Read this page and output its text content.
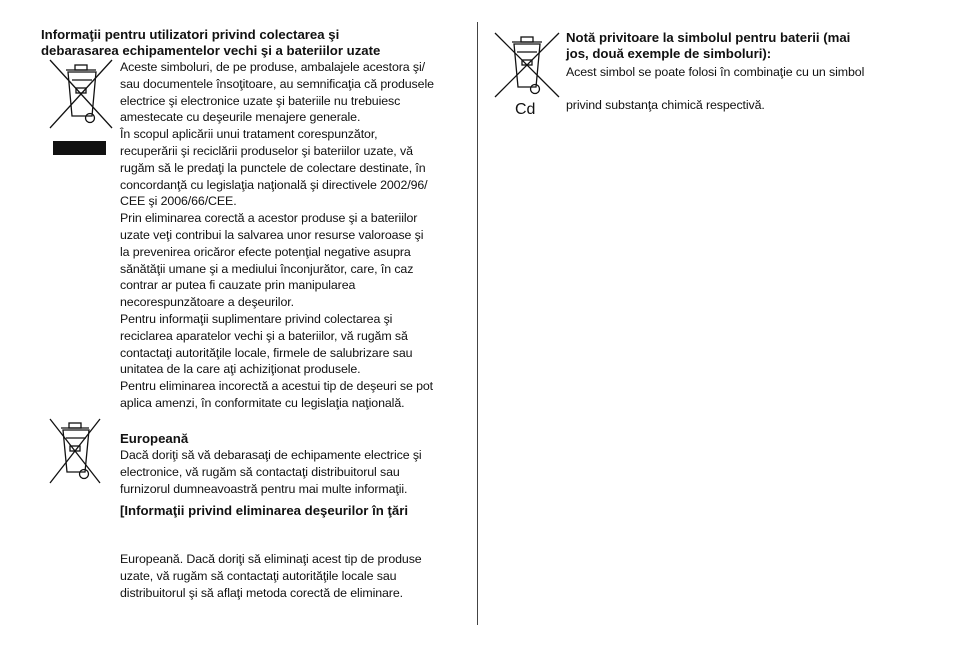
Informaţii pentru utilizatori privind colectarea şi

debarasarea echipamentelor vechi şi a bateriilor uzate

Aceste simboluri, de pe produse, ambalajele acestora şi/

sau documentele însoţitoare, au semnificaţia că produsele

electrice şi electronice uzate şi bateriile nu trebuiesc

amestecate cu deşeurile menajere generale.

În scopul aplicării unui tratament corespunzător,

recuperării şi reciclării produselor şi bateriilor uzate, vă

rugăm să le predaţi la punctele de colectare destinate, în

concordanţă cu legislaţia naţională şi directivele 2002/96/

CEE şi 2006/66/CEE.

Prin eliminarea corectă a acestor produse şi a bateriilor

uzate veţi contribui la salvarea unor resurse valoroase şi

la prevenirea oricăror efecte potenţial negative asupra

sănătăţii umane şi a mediului înconjurător, care, în caz

contrar ar putea fi cauzate prin manipularea

necorespunzătoare a deşeurilor.

Pentru informaţii suplimentare privind colectarea şi

reciclarea aparatelor vechi şi a bateriilor, vă rugăm să

contactaţi autorităţile locale, firmele de salubrizare sau

unitatea de la care aţi achiziţionat produsele.

Pentru eliminarea incorectă a acestui tip de deşeuri se pot

aplica amenzi, în conformitate cu legislaţia naţională.

Europeană

Dacă doriţi să vă debarasaţi de echipamente electrice şi

electronice, vă rugăm să contactaţi distribuitorul sau

furnizorul dumneavoastră pentru mai multe informaţii.

[Informaţii privind eliminarea deşeurilor în ţări

Europeană. Dacă doriţi să eliminaţi acest tip de produse

uzate, vă rugăm să contactaţi autorităţile locale sau

distribuitorul şi să aflaţi metoda corectă de eliminare.

Cd

Notă privitoare la simbolul pentru baterii (mai

jos, două exemple de simboluri):

Acest simbol se poate folosi în combinaţie cu un simbol
privind substanţa chimică respectivă.
